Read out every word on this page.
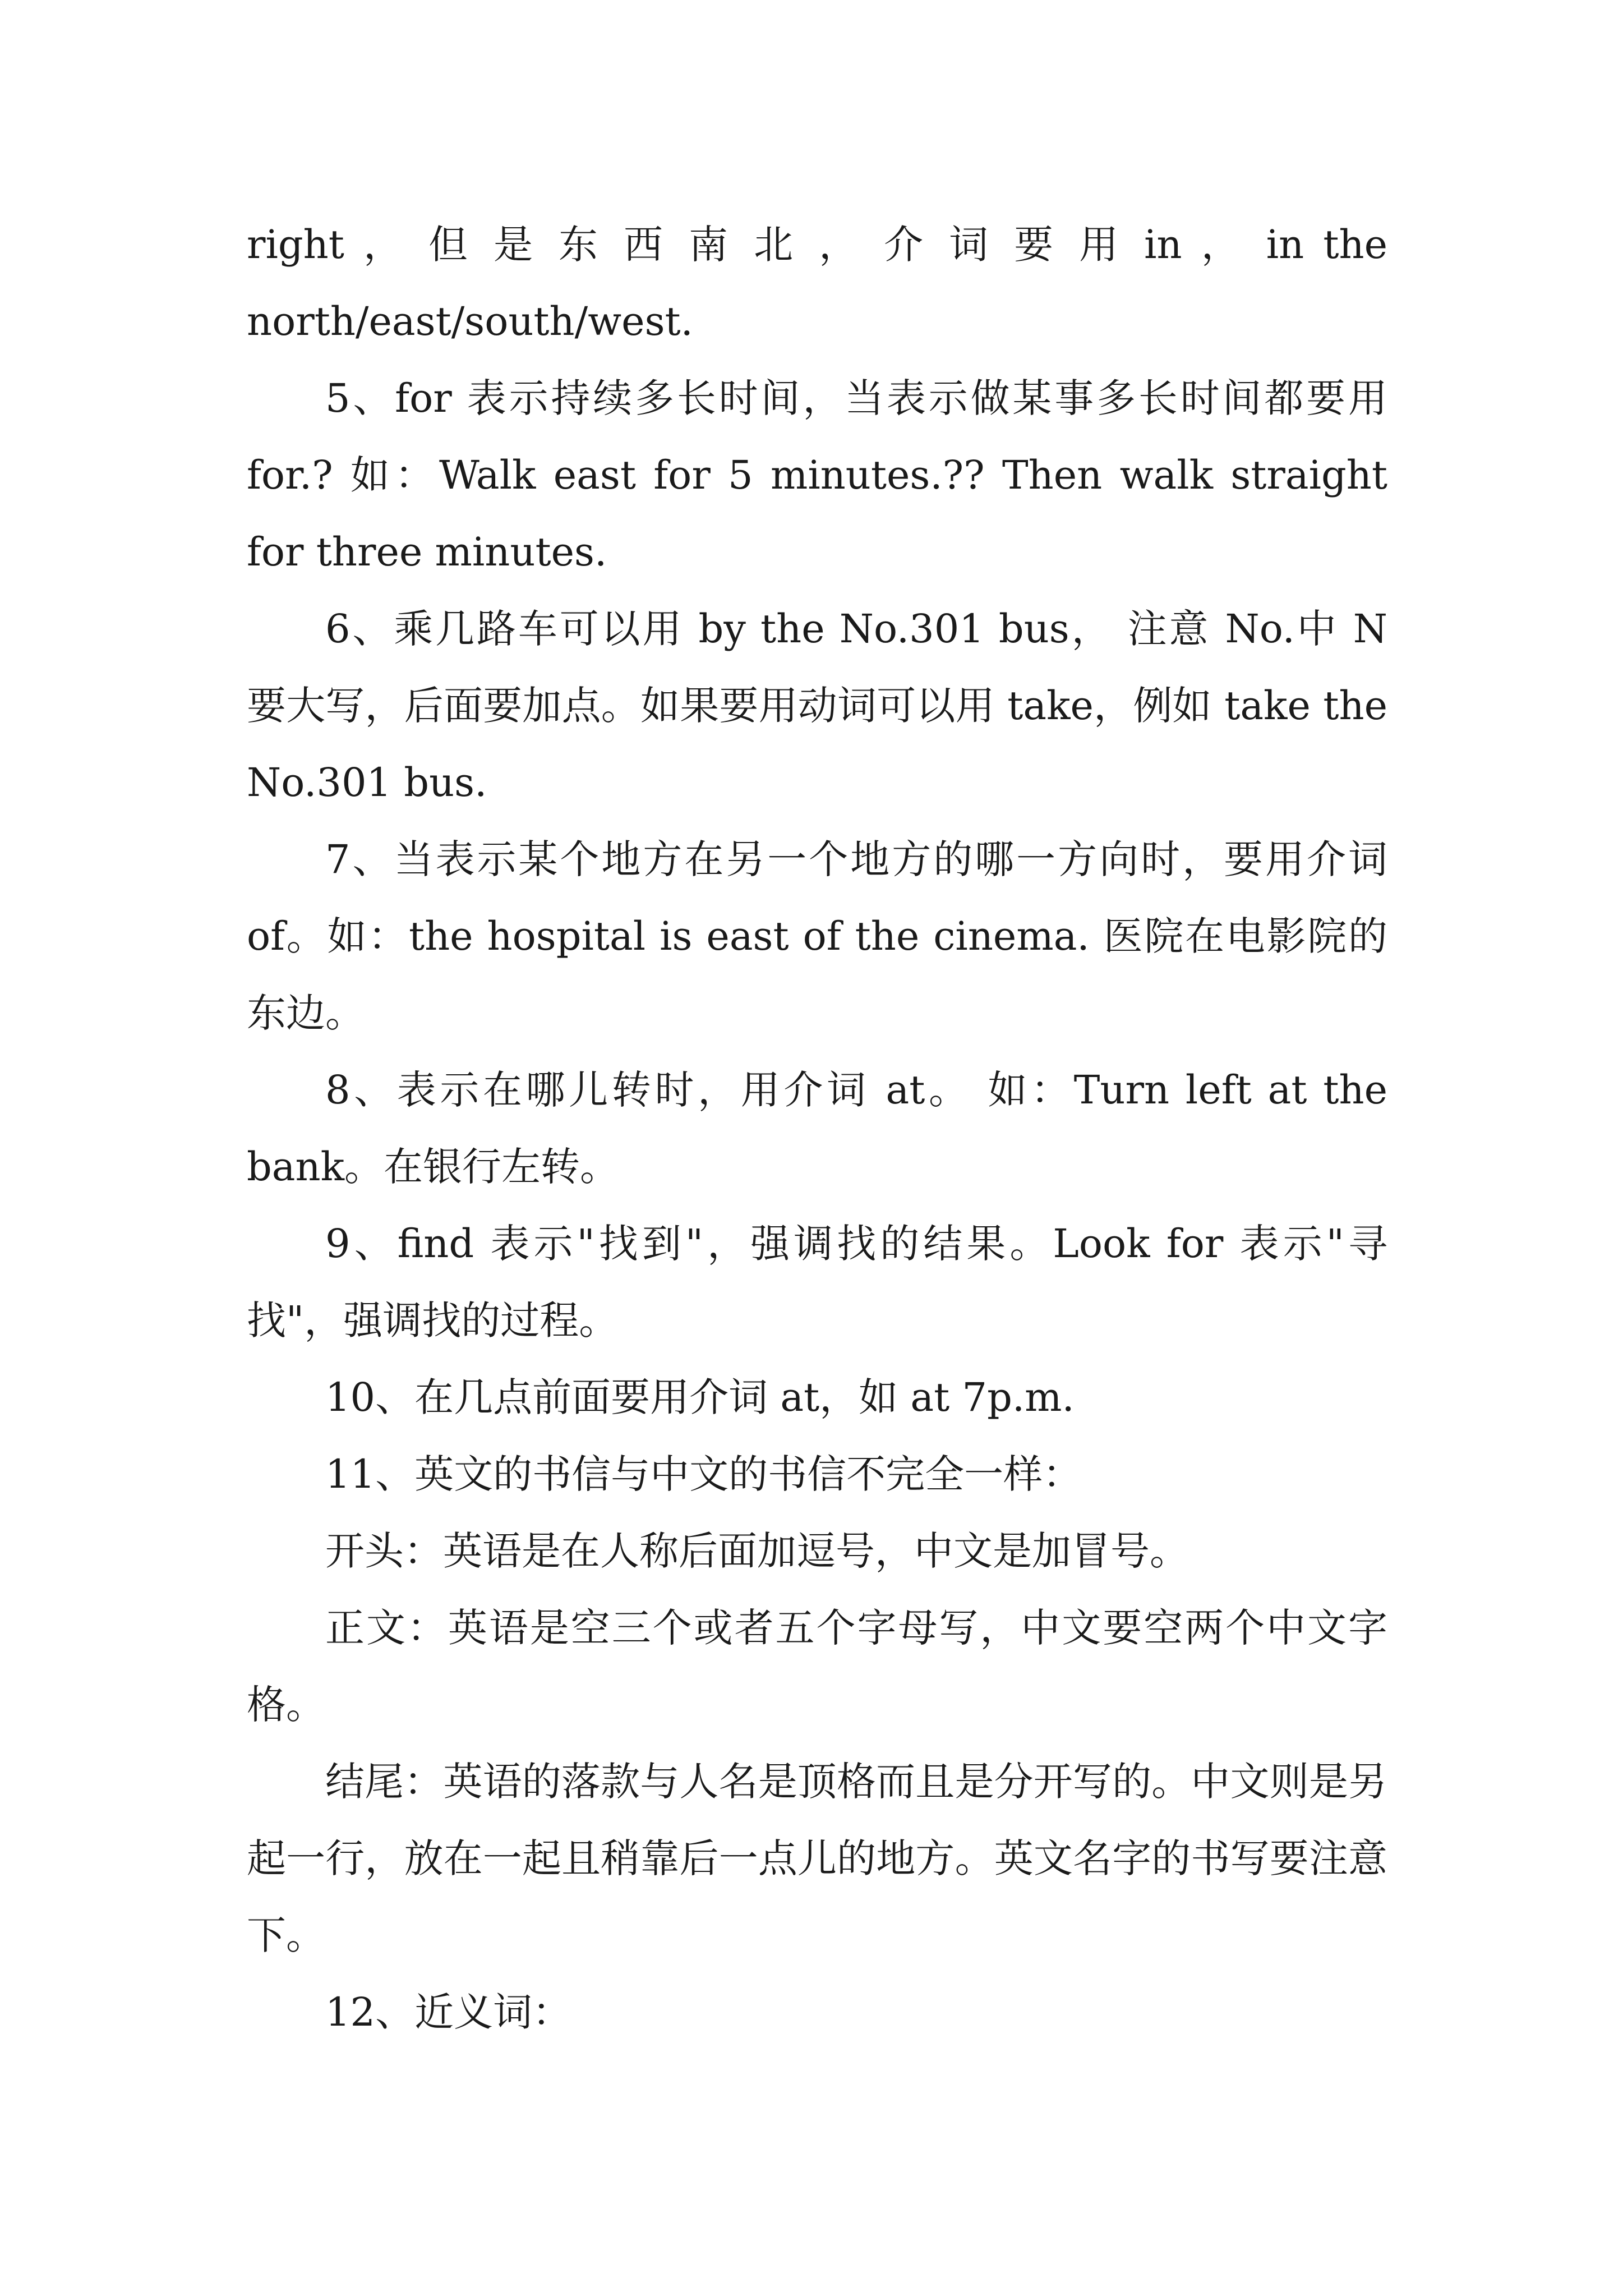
right ， 但 是 东 西 南 北 ， 介 词 要 用 in ， in the north/east/south/west.

5、for 表示持续多长时间，当表示做某事多长时间都要用 for.? 如：Walk east for 5 minutes.?? Then walk straight for three minutes.

6、乘几路车可以用 by the No.301 bus， 注意 No.中 N 要大写，后面要加点。如果要用动词可以用 take，例如 take the No.301 bus.

7、当表示某个地方在另一个地方的哪一方向时，要用介词 of。如：the hospital is east of the cinema. 医院在电影院的东边。

8、表示在哪儿转时，用介词 at。 如：Turn left at the bank。在银行左转。

9、find 表示"找到"，强调找的结果。Look for 表示"寻找"，强调找的过程。

10、在几点前面要用介词 at，如 at 7p.m.

11、英文的书信与中文的书信不完全一样：

开头：英语是在人称后面加逗号，中文是加冒号。

正文：英语是空三个或者五个字母写，中文要空两个中文字格。

结尾：英语的落款与人名是顶格而且是分开写的。中文则是另起一行，放在一起且稍靠后一点儿的地方。英文名字的书写要注意下。

12、近义词：
